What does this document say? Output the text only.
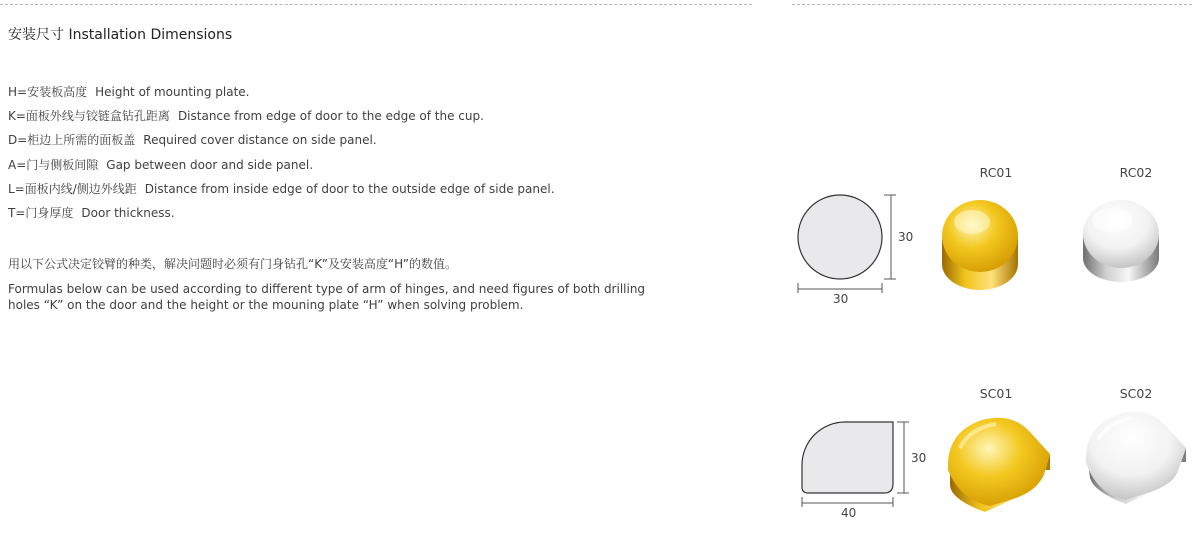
安装尺寸 Installation Dimensions
H=安装板高度 Height of mounting plate.
K=面板外线与铰链盒钻孔距离 Distance from edge of door to the edge of the cup.
D=柜边上所需的面板盖 Required cover distance on side panel.
A=门与侧板间隙 Gap between door and side panel.
L=面板内线/侧边外线距 Distance from inside edge of door to the outside edge of side panel.
T=门身厚度 Door thickness.
用以下公式决定铰臂的种类，解决问题时必须有门身钻孔“K”及安装高度“H”的数值。

Formulas below can be used according to different type of arm of hinges, and need figures of both drilling holes “K” on the door and the height or the mouning plate “H” when solving problem.

RC01	RC02
SC01	SC02
30
30
30
40
